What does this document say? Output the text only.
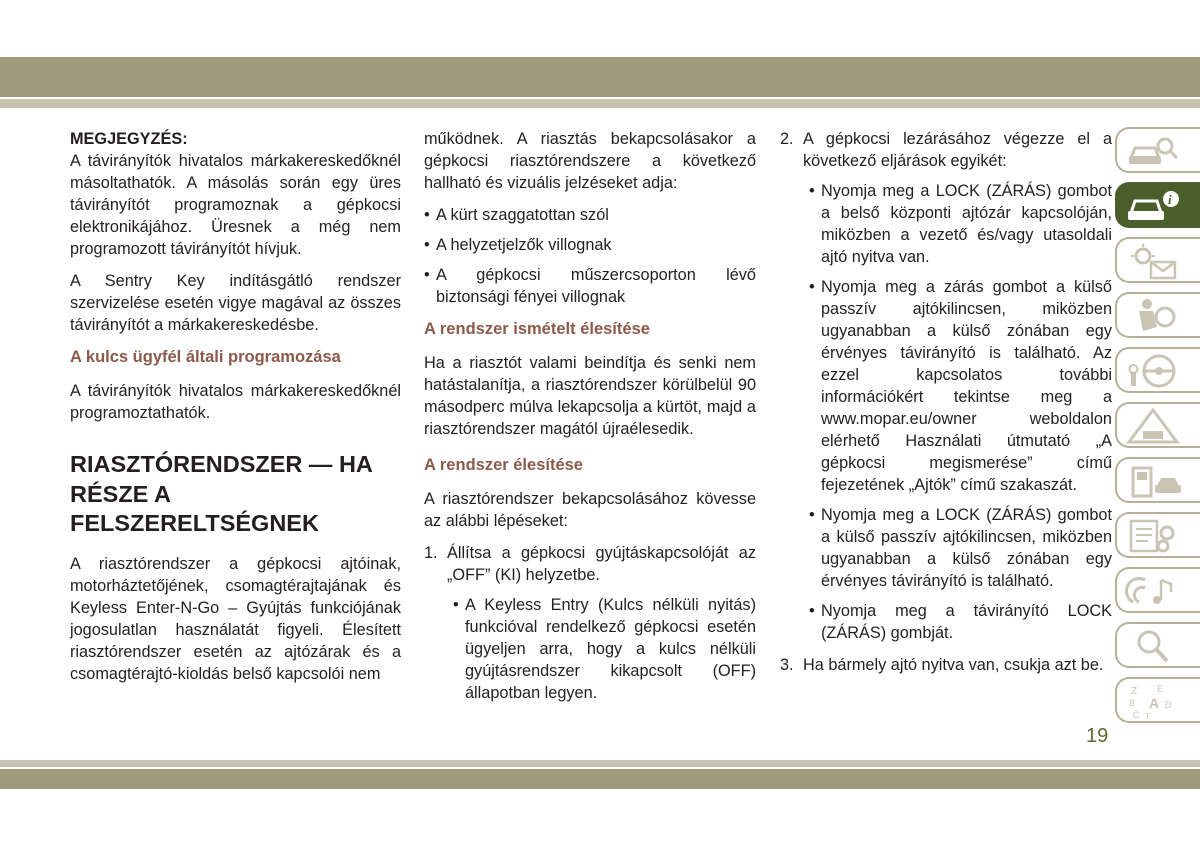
MEGJEGYZÉS:

A távirányítók hivatalos márkakereskedőknél másoltathatók. A másolás során egy üres távirányítót programoznak a gépkocsi elektronikájához. Üresnek a még nem programozott távirányítót hívjuk.

A Sentry Key indításgátló rendszer szervizelése esetén vigye magával az összes távirányítót a márkakereskedésbe.

A kulcs ügyfél általi programozása

A távirányítók hivatalos márkakereskedőknél programoztathatók.

RIASZTÓRENDSZER — HA RÉSZE A FELSZERELTSÉGNEK

A riasztórendszer a gépkocsi ajtóinak, motorháztetőjének, csomagtérajtajának és Keyless Enter-N-Go – Gyújtás funkciójának jogosulatlan használatát figyeli. Élesített riasztórendszer esetén az ajtózárak és a csomagtérajtó-kioldás belső kapcsolói nem

működnek. A riasztás bekapcsolásakor a gépkocsi riasztórendszere a következő hallható és vizuális jelzéseket adja:

• A kürt szaggatottan szól
• A helyzetjelzők villognak
• A gépkocsi műszercsoporton lévő biztonsági fényei villognak
A rendszer ismételt élesítése

Ha a riasztót valami beindítja és senki nem hatástalanítja, a riasztórendszer körülbelül 90 másodperc múlva lekapcsolja a kürtöt, majd a riasztórendszer magától újraélesedik.

A rendszer élesítése

A riasztórendszer bekapcsolásához kövesse az alábbi lépéseket:

1. Állítsa a gépkocsi gyújtáskapcsolóját az „OFF” (KI) helyzetbe.
• A Keyless Entry (Kulcs nélküli nyitás) funkcióval rendelkező gépkocsi esetén ügyeljen arra, hogy a kulcs nélküli gyújtásrendszer kikapcsolt (OFF) állapotban legyen.
2. A gépkocsi lezárásához végezze el a következő eljárások egyikét:
• Nyomja meg a LOCK (ZÁRÁS) gombot a belső központi ajtózár kapcsolóján, miközben a vezető és/vagy utasoldali ajtó nyitva van.
• Nyomja meg a zárás gombot a külső passzív ajtókilincsen, miközben ugyanabban a külső zónában egy érvényes távirányító is található. Az ezzel kapcsolatos további információkért tekintse meg a www.mopar.eu/owner weboldalon elérhető Használati útmutató „A gépkocsi megismerése” című fejezetének „Ajtók” című szakaszát.
• Nyomja meg a LOCK (ZÁRÁS) gombot a külső passzív ajtókilincsen, miközben ugyanabban a külső zónában egy érvényes távirányító is található.
• Nyomja meg a távirányító LOCK (ZÁRÁS) gombját.
3. Ha bármely ajtó nyitva van, csukja azt be.
i
Z E
B A D
C T
19
